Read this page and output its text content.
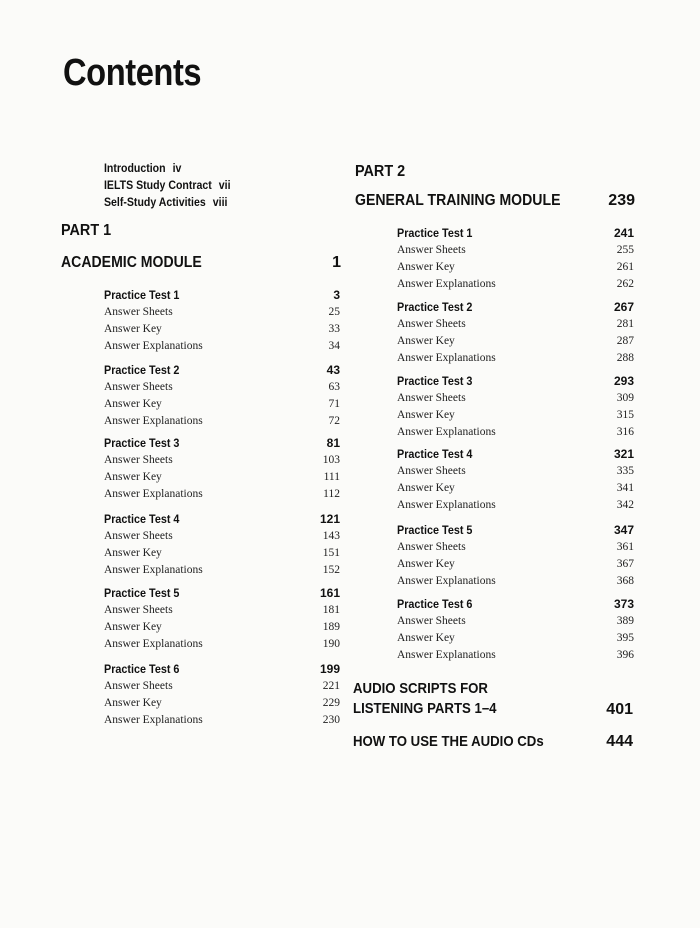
Contents
Introduction iv
IELTS Study Contract vii
Self-Study Activities viii
PART 1
ACADEMIC MODULE	1
Practice Test 1	3
Answer Sheets	25
Answer Key	33
Answer Explanations	34
Practice Test 2	43
Answer Sheets	63
Answer Key	71
Answer Explanations	72
Practice Test 3	81
Answer Sheets	103
Answer Key	111
Answer Explanations	112
Practice Test 4	121
Answer Sheets	143
Answer Key	151
Answer Explanations	152
Practice Test 5	161
Answer Sheets	181
Answer Key	189
Answer Explanations	190
Practice Test 6	199
Answer Sheets	221
Answer Key	229
Answer Explanations	230
PART 2
GENERAL TRAINING MODULE	239
Practice Test 1	241
Answer Sheets	255
Answer Key	261
Answer Explanations	262
Practice Test 2	267
Answer Sheets	281
Answer Key	287
Answer Explanations	288
Practice Test 3	293
Answer Sheets	309
Answer Key	315
Answer Explanations	316
Practice Test 4	321
Answer Sheets	335
Answer Key	341
Answer Explanations	342
Practice Test 5	347
Answer Sheets	361
Answer Key	367
Answer Explanations	368
Practice Test 6	373
Answer Sheets	389
Answer Key	395
Answer Explanations	396
AUDIO SCRIPTS FOR
LISTENING PARTS 1–4	401
HOW TO USE THE AUDIO CDs	444
